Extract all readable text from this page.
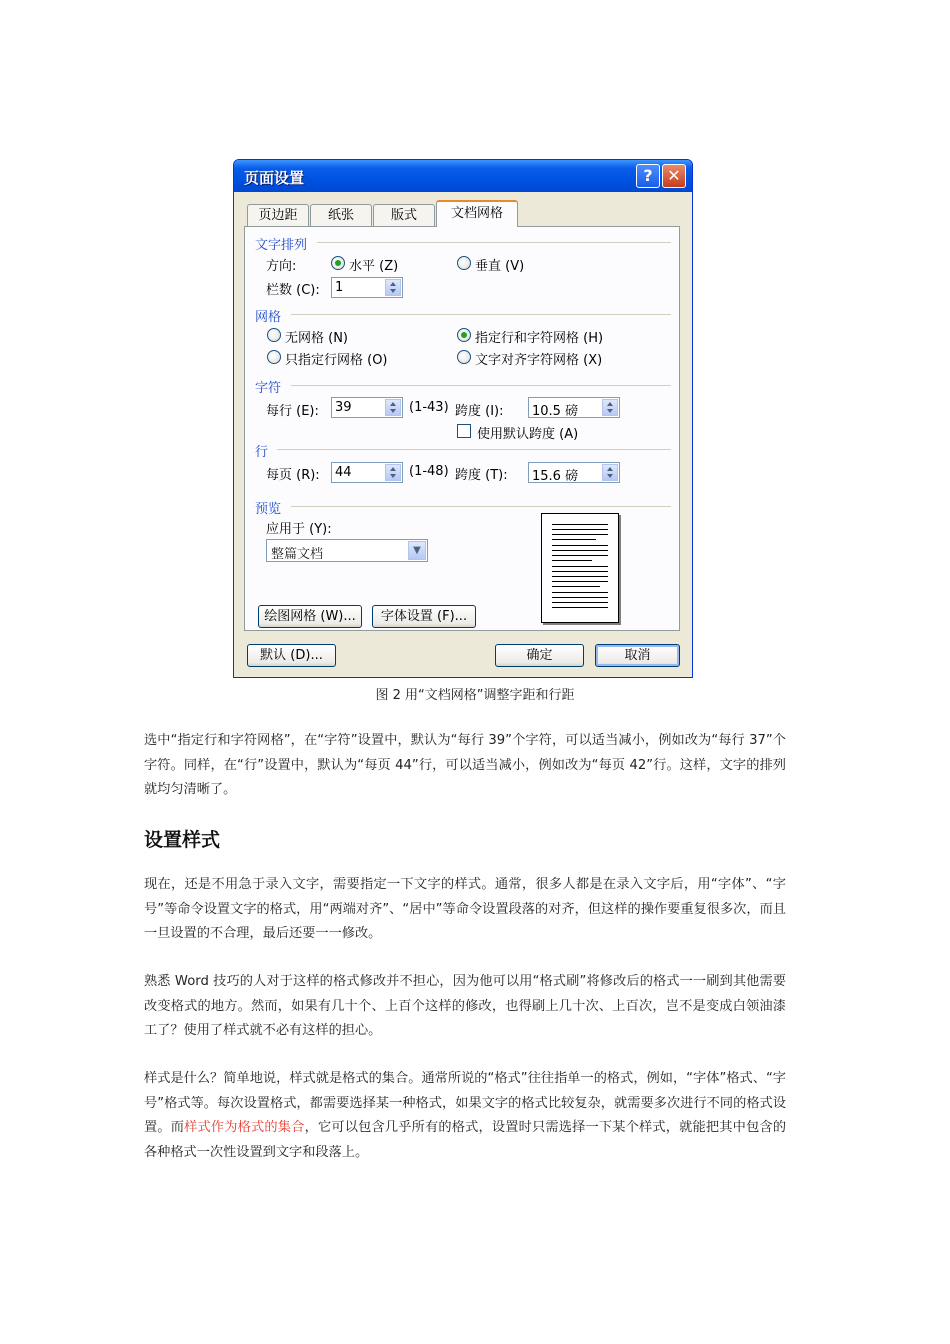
页面设置	? ✕
页边距	纸张	版式	文档网格
文字排列
方向:	水平 (Z)	垂直 (V)
栏数 (C): 1
网格
无网格 (N)	指定行和字符网格 (H)
只指定行网格 (O)	文字对齐字符网格 (X)
字符
每行 (E): 39	(1-43) 跨度 (I): 10.5 磅
使用默认跨度 (A)
行
每页 (R): 44	(1-48) 跨度 (T): 15.6 磅
预览
应用于 (Y):
整篇文档	▼
绘图网格 (W)...	字体设置 (F)...
默认 (D)...	确定	取消
图 2 用“文档网格”调整字距和行距

选中“指定行和字符网格”，在“字符”设置中，默认为“每行 39”个字符，可以适当减小，例如改为“每行 37”个字符。同样，在“行”设置中，默认为“每页 44”行，可以适当减小，例如改为“每页 42”行。这样，文字的排列就均匀清晰了。

设置样式

现在，还是不用急于录入文字，需要指定一下文字的样式。通常，很多人都是在录入文字后，用“字体”、“字号”等命令设置文字的格式，用“两端对齐”、“居中”等命令设置段落的对齐，但这样的操作要重复很多次，而且一旦设置的不合理，最后还要一一修改。

熟悉 Word 技巧的人对于这样的格式修改并不担心，因为他可以用“格式刷”将修改后的格式一一刷到其他需要改变格式的地方。然而，如果有几十个、上百个这样的修改，也得刷上几十次、上百次，岂不是变成白领油漆工了？使用了样式就不必有这样的担心。

样式是什么？简单地说，样式就是格式的集合。通常所说的“格式”往往指单一的格式，例如，“字体”格式、“字号”格式等。每次设置格式，都需要选择某一种格式，如果文字的格式比较复杂，就需要多次进行不同的格式设置。而样式作为格式的集合，它可以包含几乎所有的格式，设置时只需选择一下某个样式，就能把其中包含的各种格式一次性设置到文字和段落上。
